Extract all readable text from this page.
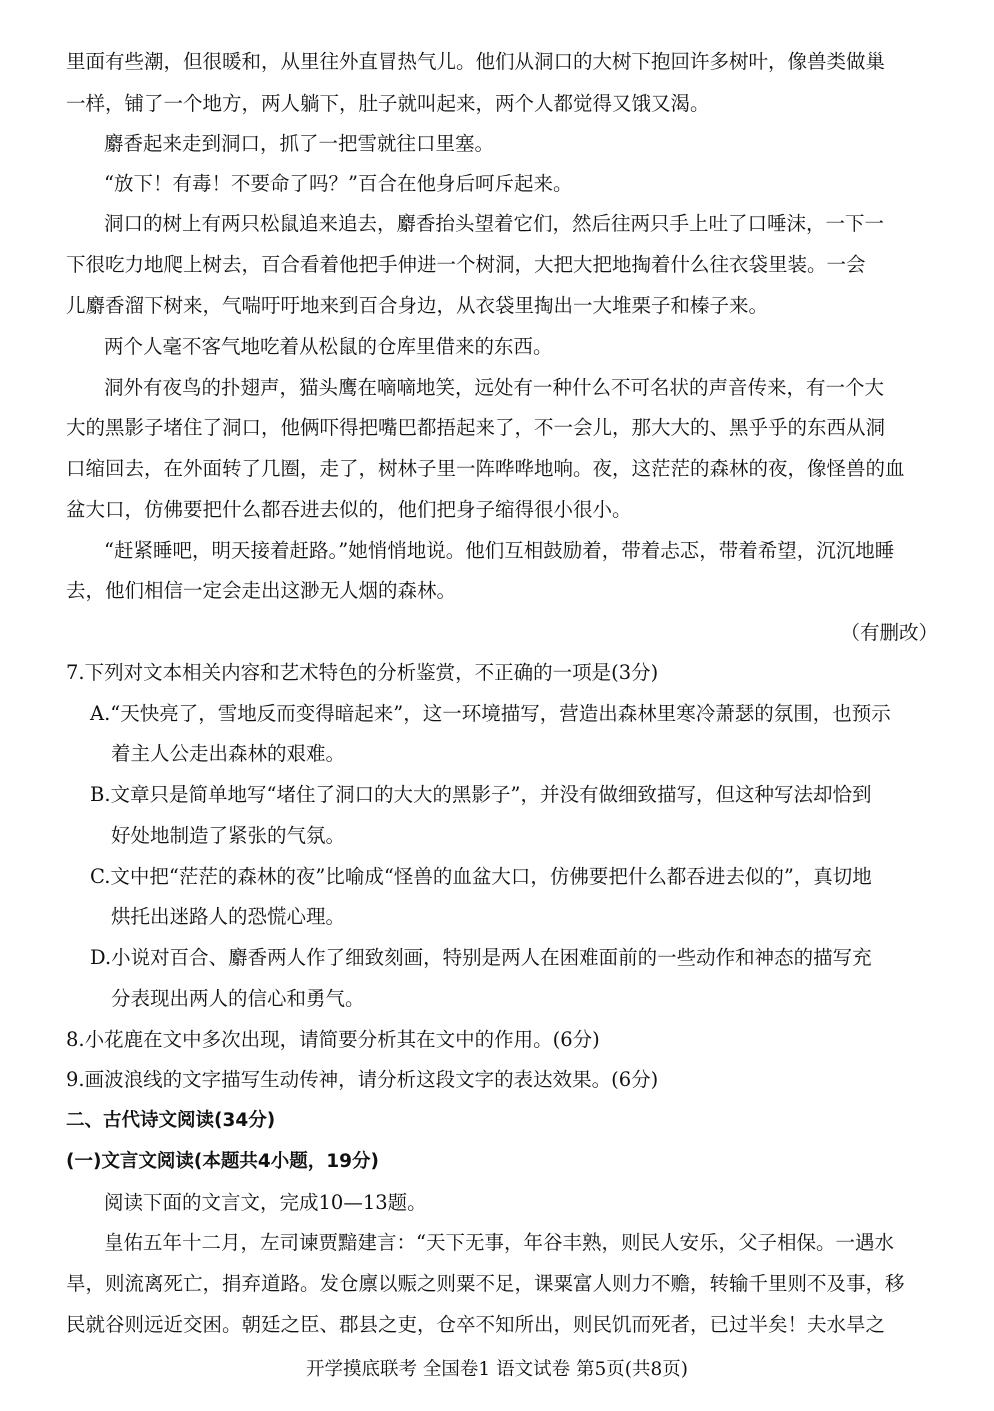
里面有些潮，但很暖和，从里往外直冒热气儿。他们从洞口的大树下抱回许多树叶，像兽类做巢
一样，铺了一个地方，两人躺下，肚子就叫起来，两个人都觉得又饿又渴。
麝香起来走到洞口，抓了一把雪就往口里塞。
“放下！有毒！不要命了吗？”百合在他身后呵斥起来。
洞口的树上有两只松鼠追来追去，麝香抬头望着它们，然后往两只手上吐了口唾沫，一下一
下很吃力地爬上树去，百合看着他把手伸进一个树洞，大把大把地掏着什么往衣袋里装。一会
儿麝香溜下树来，气喘吁吁地来到百合身边，从衣袋里掏出一大堆栗子和榛子来。
两个人毫不客气地吃着从松鼠的仓库里借来的东西。
洞外有夜鸟的扑翅声，猫头鹰在嘀嘀地笑，远处有一种什么不可名状的声音传来，有一个大
大的黑影子堵住了洞口，他俩吓得把嘴巴都捂起来了，不一会儿，那大大的、黑乎乎的东西从洞
口缩回去，在外面转了几圈，走了，树林子里一阵哗哗地响。夜，这茫茫的森林的夜，像怪兽的血
盆大口，仿佛要把什么都吞进去似的，他们把身子缩得很小很小。
“赶紧睡吧，明天接着赶路。”她悄悄地说。他们互相鼓励着，带着忐忑，带着希望，沉沉地睡
去，他们相信一定会走出这渺无人烟的森林。
（有删改）
7.下列对文本相关内容和艺术特色的分析鉴赏，不正确的一项是(3分)
A.“天快亮了，雪地反而变得暗起来”，这一环境描写，营造出森林里寒冷萧瑟的氛围，也预示
着主人公走出森林的艰难。
B.文章只是简单地写“堵住了洞口的大大的黑影子”，并没有做细致描写，但这种写法却恰到
好处地制造了紧张的气氛。
C.文中把“茫茫的森林的夜”比喻成“怪兽的血盆大口，仿佛要把什么都吞进去似的”，真切地
烘托出迷路人的恐慌心理。
D.小说对百合、麝香两人作了细致刻画，特别是两人在困难面前的一些动作和神态的描写充
分表现出两人的信心和勇气。
8.小花鹿在文中多次出现，请简要分析其在文中的作用。(6分)
9.画波浪线的文字描写生动传神，请分析这段文字的表达效果。(6分)
二、古代诗文阅读(34分)
(一)文言文阅读(本题共4小题，19分)
阅读下面的文言文，完成10—13题。
皇佑五年十二月，左司谏贾黯建言：“天下无事，年谷丰熟，则民人安乐，父子相保。一遇水
旱，则流离死亡，捐弃道路。发仓廪以赈之则粟不足，课粟富人则力不赡，转输千里则不及事，移
民就谷则远近交困。朝廷之臣、郡县之吏，仓卒不知所出，则民饥而死者，已过半矣！夫水旱之
开学摸底联考 全国卷1 语文试卷 第5页(共8页)
